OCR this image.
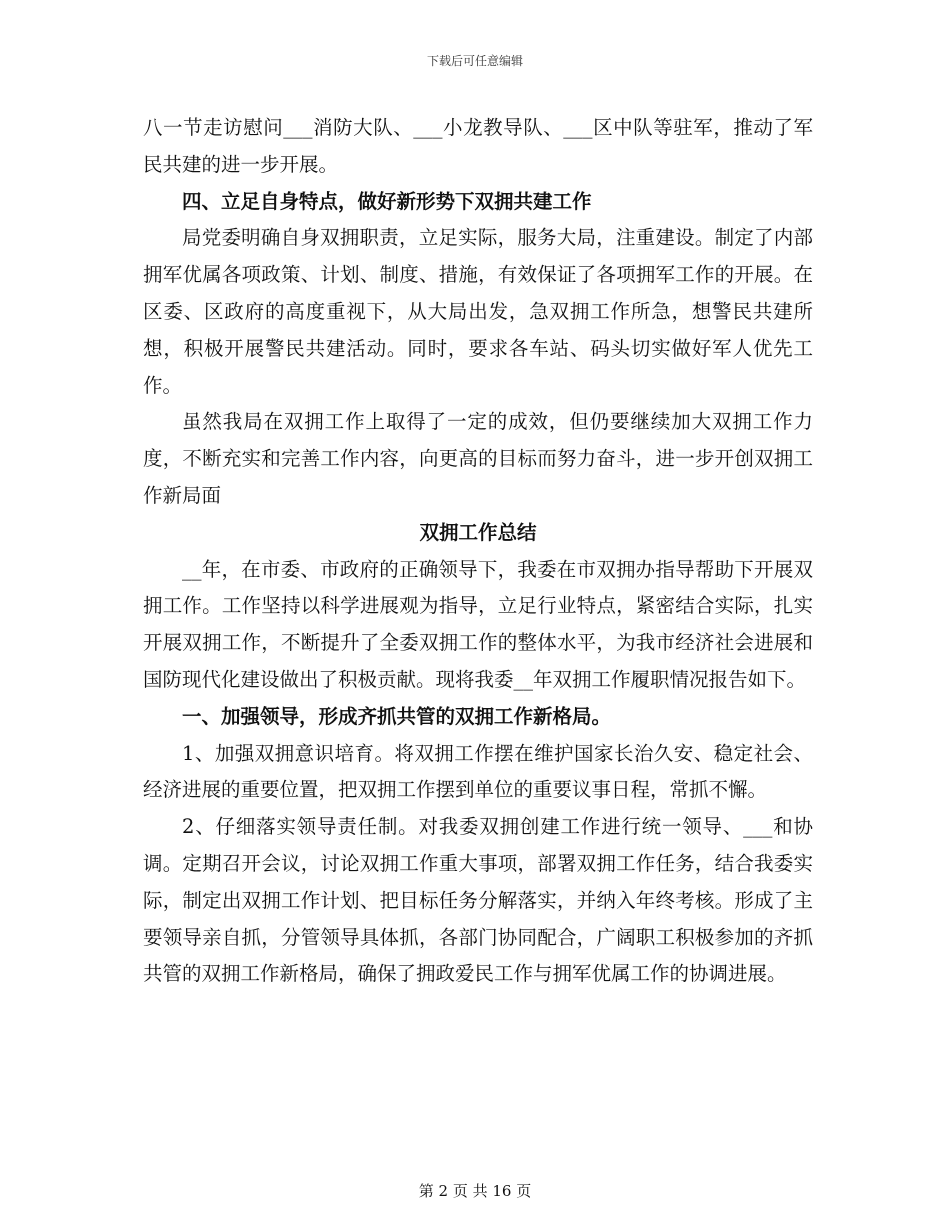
下载后可任意编辑

八一节走访慰问___消防大队、___小龙教导队、___区中队等驻军，推动了军民共建的进一步开展。

四、立足自身特点，做好新形势下双拥共建工作

局党委明确自身双拥职责，立足实际，服务大局，注重建设。制定了内部拥军优属各项政策、计划、制度、措施，有效保证了各项拥军工作的开展。在区委、区政府的高度重视下，从大局出发，急双拥工作所急，想警民共建所想，积极开展警民共建活动。同时，要求各车站、码头切实做好军人优先工作。

虽然我局在双拥工作上取得了一定的成效，但仍要继续加大双拥工作力度，不断充实和完善工作内容，向更高的目标而努力奋斗，进一步开创双拥工作新局面

双拥工作总结

__年，在市委、市政府的正确领导下，我委在市双拥办指导帮助下开展双拥工作。工作坚持以科学进展观为指导，立足行业特点，紧密结合实际，扎实开展双拥工作，不断提升了全委双拥工作的整体水平，为我市经济社会进展和国防现代化建设做出了积极贡献。现将我委__年双拥工作履职情况报告如下。

一、加强领导，形成齐抓共管的双拥工作新格局。

1、加强双拥意识培育。将双拥工作摆在维护国家长治久安、稳定社会、经济进展的重要位置，把双拥工作摆到单位的重要议事日程，常抓不懈。

2、仔细落实领导责任制。对我委双拥创建工作进行统一领导、___和协调。定期召开会议，讨论双拥工作重大事项，部署双拥工作任务，结合我委实际，制定出双拥工作计划、把目标任务分解落实，并纳入年终考核。形成了主要领导亲自抓，分管领导具体抓，各部门协同配合，广阔职工积极参加的齐抓共管的双拥工作新格局，确保了拥政爱民工作与拥军优属工作的协调进展。

第 2 页 共 16 页
